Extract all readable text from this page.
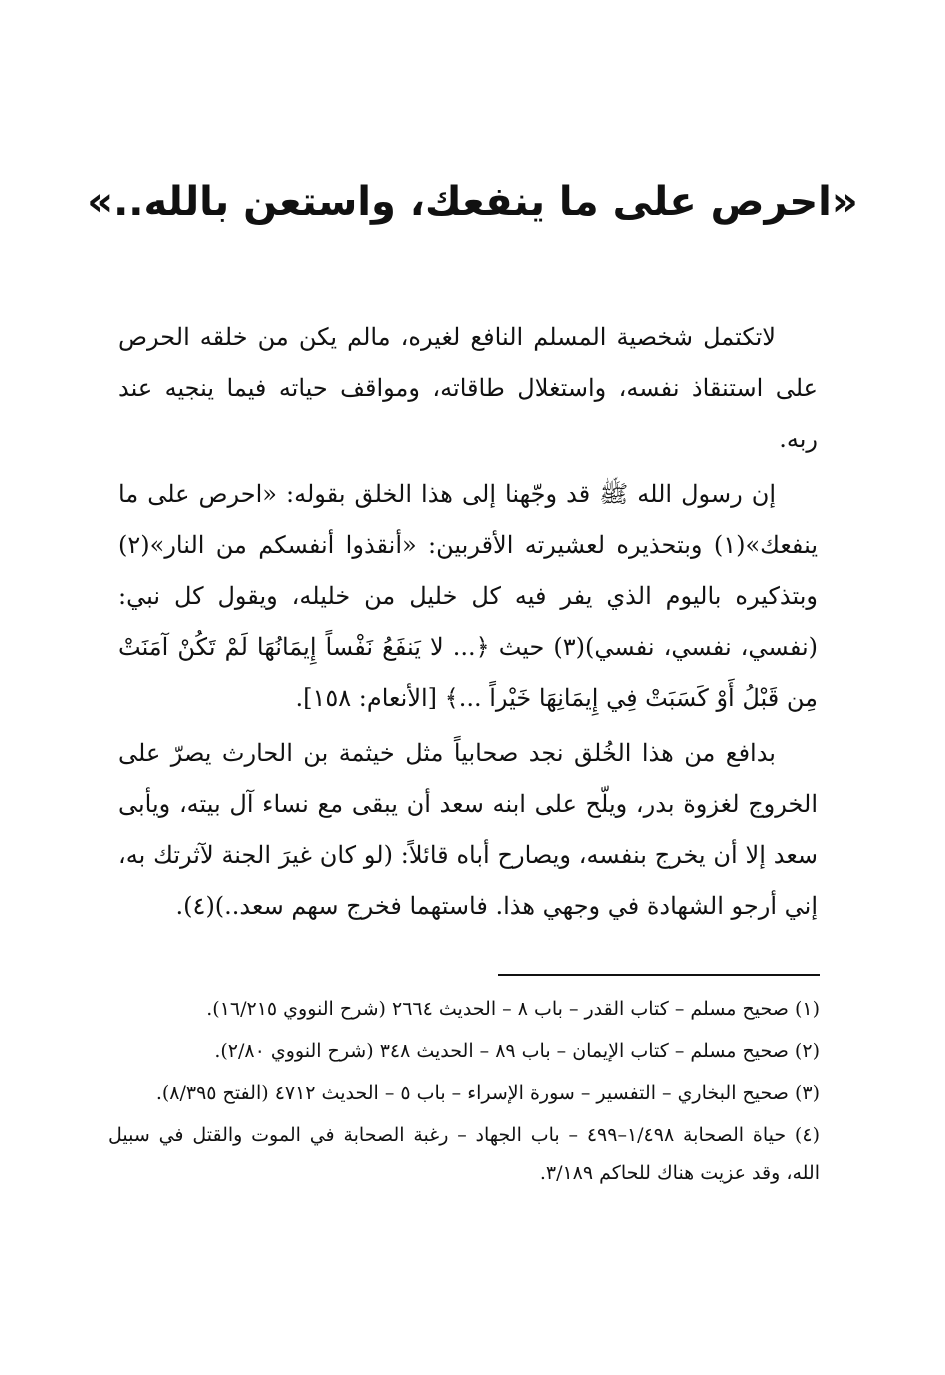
«احرص على ما ينفعك، واستعن بالله..»

لاتكتمل شخصية المسلم النافع لغيره، مالم يكن من خلقه الحرص على استنقاذ نفسه، واستغلال طاقاته، ومواقف حياته فيما ينجيه عند ربه.

إن رسول الله ﷺ قد وجّهنا إلى هذا الخلق بقوله: «احرص على ما ينفعك»(١) وبتحذيره لعشيرته الأقربين: «أنقذوا أنفسكم من النار»(٢) وبتذكيره باليوم الذي يفر فيه كل خليل من خليله، ويقول كل نبي: (نفسي، نفسي، نفسي)(٣) حيث ﴿... لا يَنفَعُ نَفْساً إِيمَانُهَا لَمْ تَكُنْ آمَنَتْ مِن قَبْلُ أَوْ كَسَبَتْ فِي إِيمَانِهَا خَيْراً ...﴾ [الأنعام: ١٥٨].

بدافع من هذا الخُلق نجد صحابياً مثل خيثمة بن الحارث يصرّ على الخروج لغزوة بدر، ويلّح على ابنه سعد أن يبقى مع نساء آل بيته، ويأبى سعد إلا أن يخرج بنفسه، ويصارح أباه قائلاً: (لو كان غيرَ الجنة لآثرتك به، إني أرجو الشهادة في وجهي هذا. فاستهما فخرج سهم سعد..)(٤).

(١) صحيح مسلم – كتاب القدر – باب ٨ – الحديث ٢٦٦٤ (شرح النووي ١٦/٢١٥).

(٢) صحيح مسلم – كتاب الإيمان – باب ٨٩ – الحديث ٣٤٨ (شرح النووي ٢/٨٠).

(٣) صحيح البخاري – التفسير – سورة الإسراء – باب ٥ – الحديث ٤٧١٢ (الفتح ٨/٣٩٥).

(٤) حياة الصحابة ١/٤٩٨–٤٩٩ – باب الجهاد – رغبة الصحابة في الموت والقتل في سبيل الله، وقد عزيت هناك للحاكم ٣/١٨٩.
